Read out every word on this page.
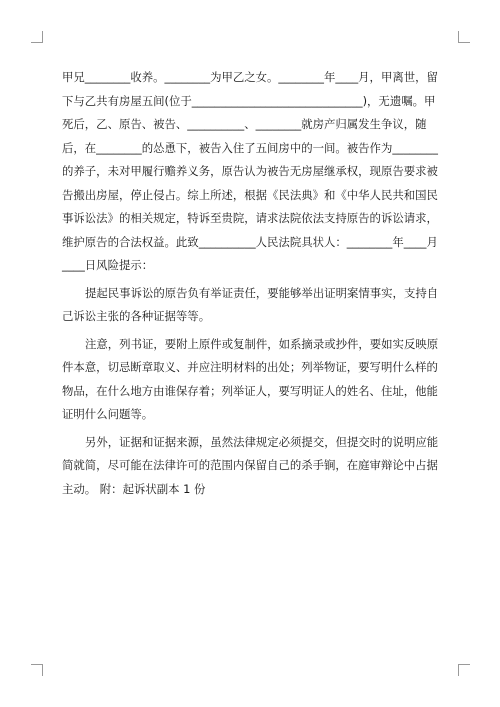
甲兄________收养。________为甲乙之女。________年____月，甲离世，留下与乙共有房屋五间(位于______________________________)，无遗嘱。甲死后，乙、原告、被告、__________、________就房产归属发生争议，随后，在________的怂恿下，被告入住了五间房中的一间。被告作为________的养子，未对甲履行赡养义务，原告认为被告无房屋继承权，现原告要求被告搬出房屋，停止侵占。综上所述，根据《民法典》和《中华人民共和国民事诉讼法》的相关规定，特诉至贵院，请求法院依法支持原告的诉讼请求，维护原告的合法权益。此致__________人民法院具状人：________年____月____日风险提示：

提起民事诉讼的原告负有举证责任，要能够举出证明案情事实，支持自己诉讼主张的各种证据等等。

注意，列书证，要附上原件或复制件，如系摘录或抄件，要如实反映原件本意，切忌断章取义、并应注明材料的出处；列举物证，要写明什么样的物品，在什么地方由谁保存着；列举证人，要写明证人的姓名、住址，他能证明什么问题等。

另外，证据和证据来源，虽然法律规定必须提交，但提交时的说明应能简就简，尽可能在法律许可的范围内保留自己的杀手锏，在庭审辩论中占据主动。 附：起诉状副本 1 份
